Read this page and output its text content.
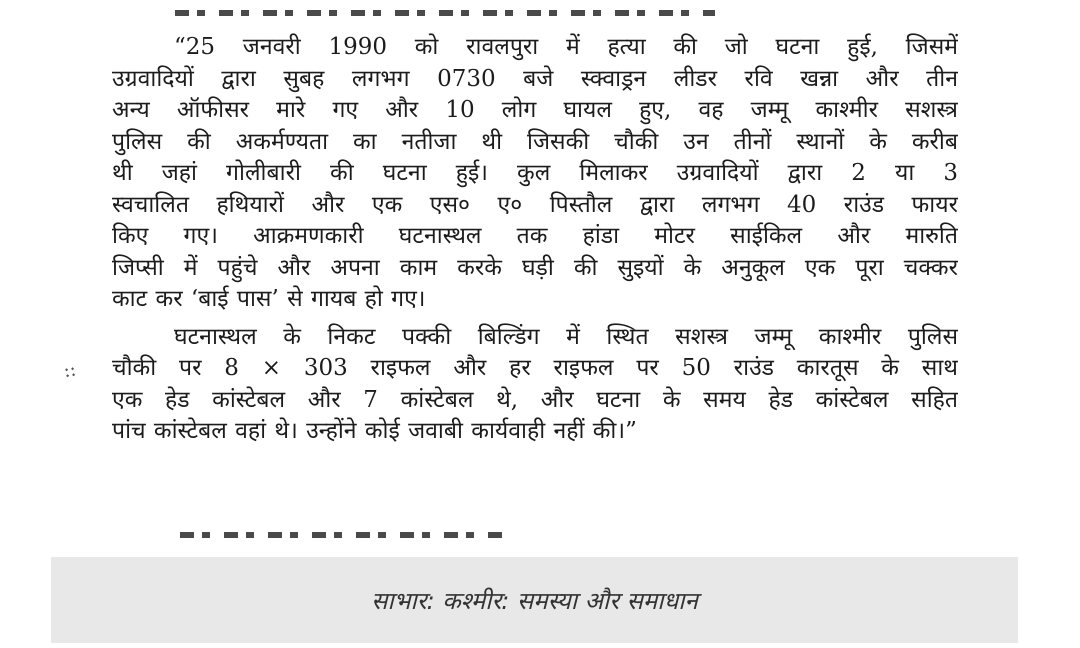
⁘
“25 जनवरी 1990 को रावलपुरा में हत्या की जो घटना हुई, जिसमें
उग्रवादियों द्वारा सुबह लगभग 0730 बजे स्क्वाड्रन लीडर रवि खन्ना और तीन
अन्य ऑफीसर मारे गए और 10 लोग घायल हुए, वह जम्मू काश्मीर सशस्त्र
पुलिस की अकर्मण्यता का नतीजा थी जिसकी चौकी उन तीनों स्थानों के करीब
थी जहां गोलीबारी की घटना हुई। कुल मिलाकर उग्रवादियों द्वारा 2 या 3
स्वचालित हथियारों और एक एस० ए० पिस्तौल द्वारा लगभग 40 राउंड फायर
किए गए। आक्रमणकारी घटनास्थल तक हांडा मोटर साईकिल और मारुति
जिप्सी में पहुंचे और अपना काम करके घड़ी की सुइयों के अनुकूल एक पूरा चक्कर
काट कर ‘बाई पास’ से गायब हो गए।
घटनास्थल के निकट पक्की बिल्डिंग में स्थित सशस्त्र जम्मू काश्मीर पुलिस
चौकी पर 8 × 303 राइफल और हर राइफल पर 50 राउंड कारतूस के साथ
एक हेड कांस्टेबल और 7 कांस्टेबल थे, और घटना के समय हेड कांस्टेबल सहित
पांच कांस्टेबल वहां थे। उन्होंने कोई जवाबी कार्यवाही नहीं की।”
साभार: कश्मीर: समस्या और समाधान
